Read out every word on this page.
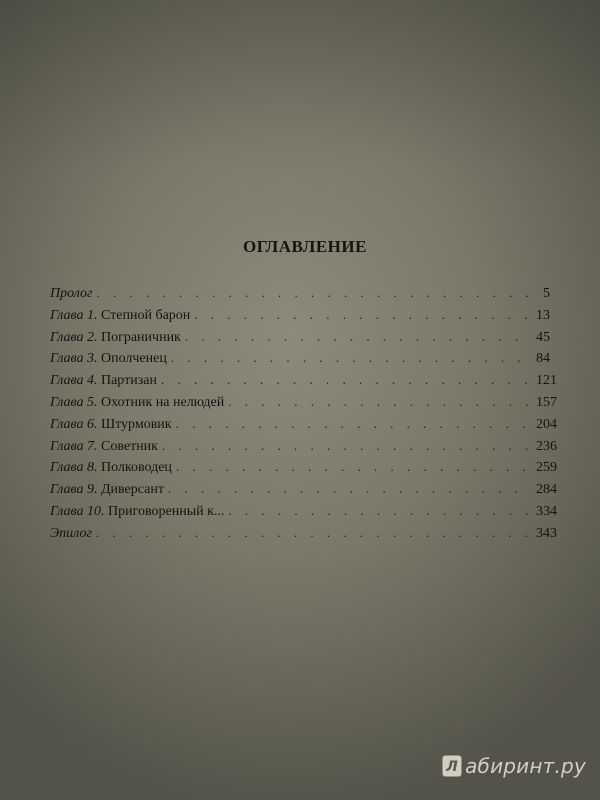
ОГЛАВЛЕНИЕ
Пролог . . .	5
Глава 1. Степной барон . . .	13
Глава 2. Пограничник . . .	45
Глава 3. Ополченец . . .	84
Глава 4. Партизан . . .	121
Глава 5. Охотник на нелюдей . . .	157
Глава 6. Штурмовик . . .	204
Глава 7. Советник . . .	236
Глава 8. Полководец . . .	259
Глава 9. Диверсант . . .	284
Глава 10. Приговоренный к... . . .	334
Эпилог . . .	343
Л абиринт.ру
